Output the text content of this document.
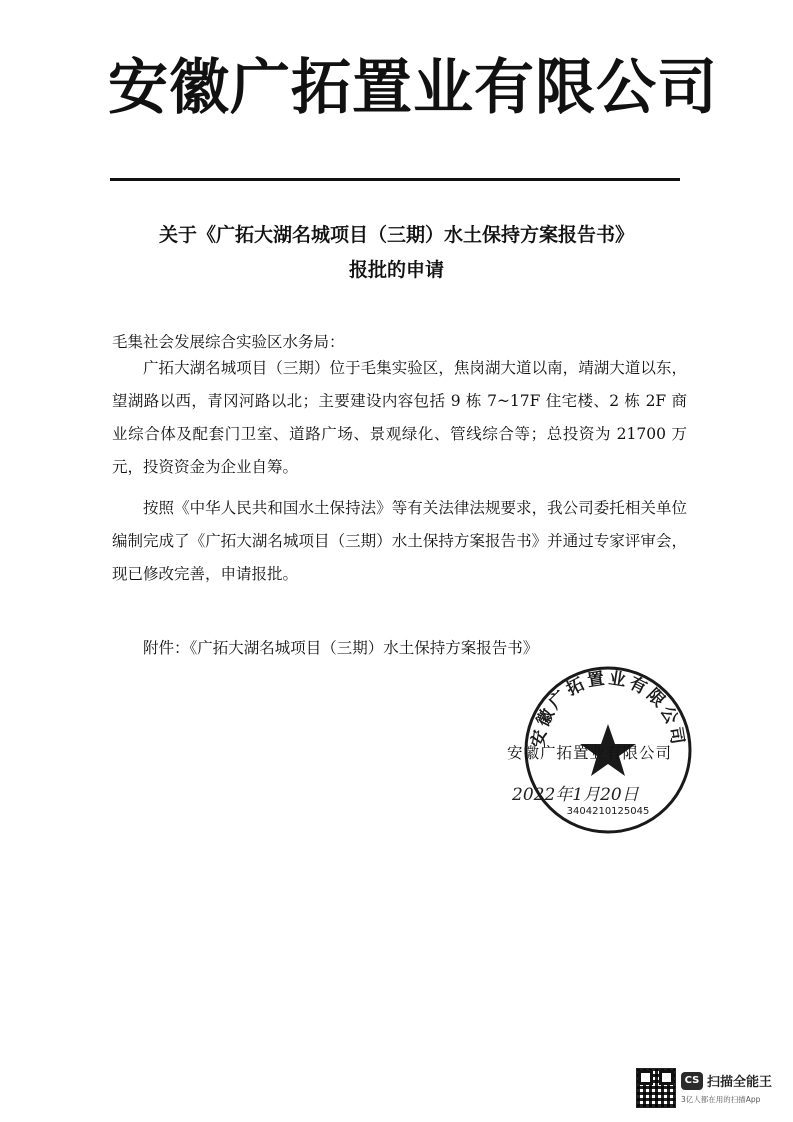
安徽广拓置业有限公司
关于《广拓大湖名城项目（三期）水土保持方案报告书》
报批的申请
毛集社会发展综合实验区水务局：

广拓大湖名城项目（三期）位于毛集实验区，焦岗湖大道以南，靖湖大道以东，望湖路以西，青冈河路以北；主要建设内容包括 9 栋 7~17F 住宅楼、2 栋 2F 商业综合体及配套门卫室、道路广场、景观绿化、管线综合等；总投资为 21700 万元，投资资金为企业自筹。

按照《中华人民共和国水土保持法》等有关法律法规要求，我公司委托相关单位编制完成了《广拓大湖名城项目（三期）水土保持方案报告书》并通过专家评审会，现已修改完善，申请报批。

附件：《广拓大湖名城项目（三期）水土保持方案报告书》
安徽广拓置业有限公司
3404210125045
安徽广拓置业有限公司
2022年1月20日
CS 扫描全能王
3亿人都在用的扫描App
